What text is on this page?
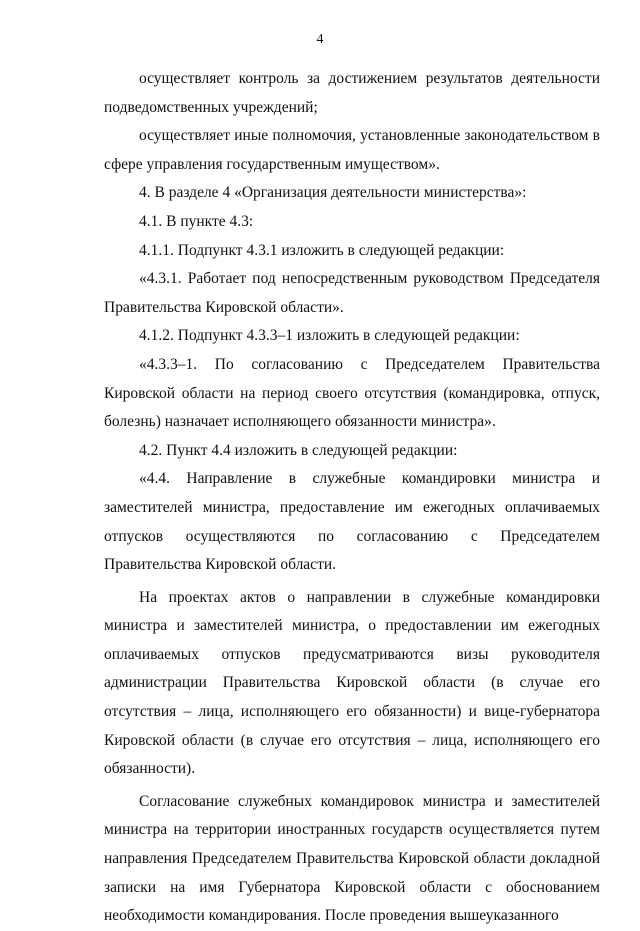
4

осуществляет контроль за достижением результатов деятельности подведомственных учреждений;

осуществляет иные полномочия, установленные законодательством в сфере управления государственным имуществом».

4. В разделе 4 «Организация деятельности министерства»:

4.1. В пункте 4.3:

4.1.1. Подпункт 4.3.1 изложить в следующей редакции:

«4.3.1. Работает под непосредственным руководством Председателя Правительства Кировской области».

4.1.2. Подпункт 4.3.3–1 изложить в следующей редакции:

«4.3.3–1. По согласованию с Председателем Правительства Кировской области на период своего отсутствия (командировка, отпуск, болезнь) назначает исполняющего обязанности министра».

4.2. Пункт 4.4 изложить в следующей редакции:

«4.4. Направление в служебные командировки министра и заместителей министра, предоставление им ежегодных оплачиваемых отпусков осуществляются по согласованию с Председателем Правительства Кировской области.

На проектах актов о направлении в служебные командировки министра и заместителей министра, о предоставлении им ежегодных оплачиваемых отпусков предусматриваются визы руководителя администрации Правительства Кировской области (в случае его отсутствия – лица, исполняющего его обязанности) и вице-губернатора Кировской области (в случае его отсутствия – лица, исполняющего его обязанности).

Согласование служебных командировок министра и заместителей министра на территории иностранных государств осуществляется путем направления Председателем Правительства Кировской области докладной записки на имя Губернатора Кировской области с обоснованием необходимости командирования. После проведения вышеуказанного
